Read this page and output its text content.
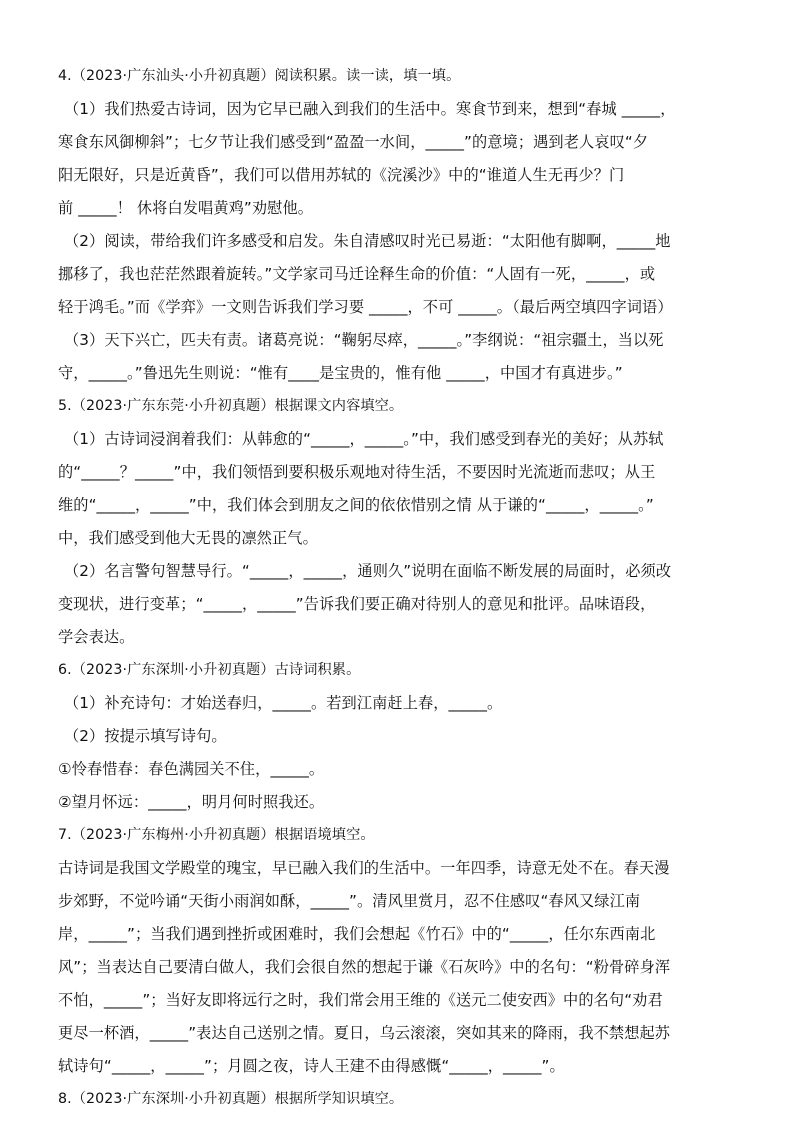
4.（2023·广东汕头·小升初真题）阅读积累。读一读，填一填。
（1）我们热爱古诗词，因为它早已融入到我们的生活中。寒食节到来，想到“春城 _____，
寒食东风御柳斜”；七夕节让我们感受到“盈盈一水间，_____”的意境；遇到老人哀叹“夕
阳无限好，只是近黄昏”，我们可以借用苏轼的《浣溪沙》中的“谁道人生无再少？门
前 _____！ 休将白发唱黄鸡”劝慰他。
（2）阅读，带给我们许多感受和启发。朱自清感叹时光已易逝：“太阳他有脚啊，_____地
挪移了，我也茫茫然跟着旋转。”文学家司马迁诠释生命的价值：“人固有一死，_____，或
轻于鸿毛。”而《学弈》一文则告诉我们学习要 _____，不可 _____。（最后两空填四字词语）
（3）天下兴亡，匹夫有责。诸葛亮说：“鞠躬尽瘁，_____。”李纲说：“祖宗疆土，当以死
守，_____。”鲁迅先生则说：“惟有____是宝贵的，惟有他 _____，中国才有真进步。”
5.（2023·广东东莞·小升初真题）根据课文内容填空。
（1）古诗词浸润着我们：从韩愈的“_____，_____。”中，我们感受到春光的美好；从苏轼
的“_____？_____”中，我们领悟到要积极乐观地对待生活，不要因时光流逝而悲叹；从王
维的“_____，_____”中，我们体会到朋友之间的依依惜别之情 从于谦的“_____，_____。”
中，我们感受到他大无畏的凛然正气。
（2）名言警句智慧导行。“_____，_____，通则久”说明在面临不断发展的局面时，必须改
变现状，进行变革；“_____，_____”告诉我们要正确对待别人的意见和批评。品味语段，
学会表达。
6.（2023·广东深圳·小升初真题）古诗词积累。
（1）补充诗句：才始送春归，_____。若到江南赶上春，_____。
（2）按提示填写诗句。
①怜春惜春：春色满园关不住，_____。
②望月怀远：_____，明月何时照我还。
7.（2023·广东梅州·小升初真题）根据语境填空。
古诗词是我国文学殿堂的瑰宝，早已融入我们的生活中。一年四季，诗意无处不在。春天漫
步郊野，不觉吟诵“天街小雨润如酥，_____”。清风里赏月，忍不住感叹“春风又绿江南
岸，_____”；当我们遇到挫折或困难时，我们会想起《竹石》中的“_____，任尔东西南北
风”；当表达自己要清白做人，我们会很自然的想起于谦《石灰吟》中的名句：“粉骨碎身浑
不怕，_____”；当好友即将远行之时，我们常会用王维的《送元二使安西》中的名句“劝君
更尽一杯酒，_____”表达自己送别之情。夏日，乌云滚滚，突如其来的降雨，我不禁想起苏
轼诗句“_____，_____”；月圆之夜，诗人王建不由得感慨“_____，_____”。
8.（2023·广东深圳·小升初真题）根据所学知识填空。
